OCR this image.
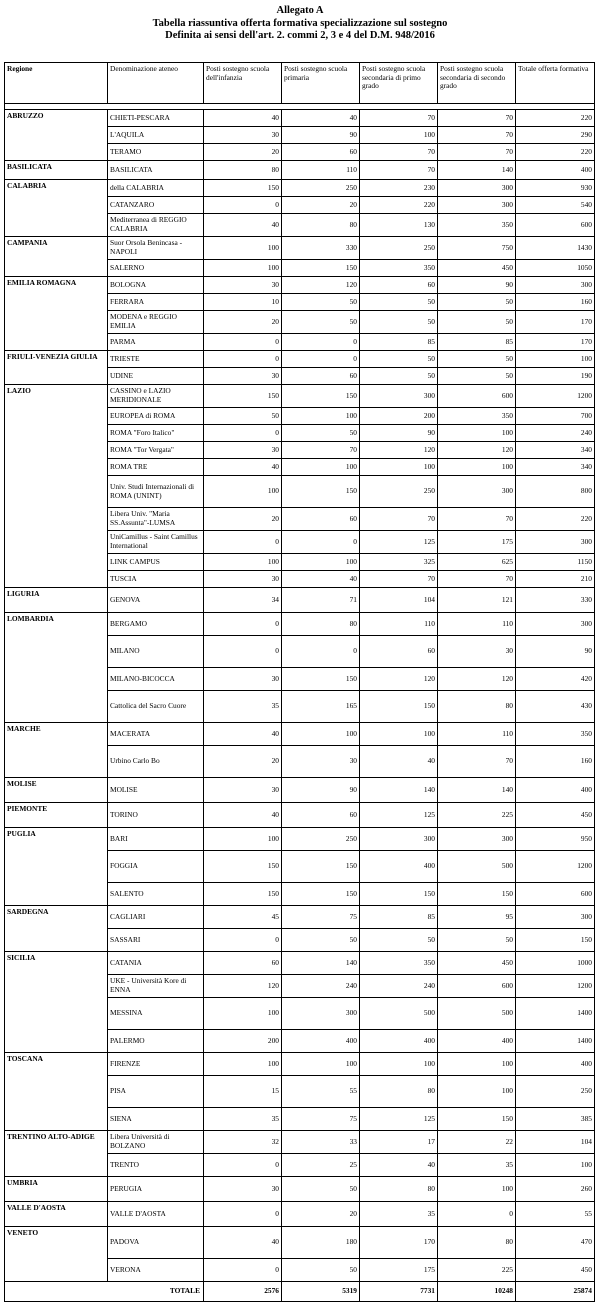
Allegato A
Tabella riassuntiva offerta formativa specializzazione sul sostegno
Definita ai sensi dell'art. 2. commi 2, 3 e 4 del D.M. 948/2016
Regione	Denominazione ateneo	Posti sostegno scuola dell'infanzia	Posti sostegno scuola primaria	Posti sostegno scuola secondaria di primo grado	Posti sostegno scuola secondaria di secondo grado	Totale offerta formativa

ABRUZZO	CHIETI-PESCARA	40	40	70	70	220
	L'AQUILA	30	90	100	70	290
	TERAMO	20	60	70	70	220
BASILICATA	BASILICATA	80	110	70	140	400
CALABRIA	della CALABRIA	150	250	230	300	930
	CATANZARO	0	20	220	300	540
	Mediterranea di REGGIO CALABRIA	40	80	130	350	600
CAMPANIA	Suor Orsola Benincasa - NAPOLI	100	330	250	750	1430
	SALERNO	100	150	350	450	1050
EMILIA ROMAGNA	BOLOGNA	30	120	60	90	300
	FERRARA	10	50	50	50	160
	MODENA e REGGIO EMILIA	20	50	50	50	170
	PARMA	0	0	85	85	170
FRIULI-VENEZIA GIULIA	TRIESTE	0	0	50	50	100
	UDINE	30	60	50	50	190
LAZIO	CASSINO e LAZIO MERIDIONALE	150	150	300	600	1200
	EUROPEA di ROMA	50	100	200	350	700
	ROMA "Foro Italico"	0	50	90	100	240
	ROMA "Tor Vergata"	30	70	120	120	340
	ROMA TRE	40	100	100	100	340
	Univ. Studi Internazionali di ROMA (UNINT)	100	150	250	300	800
	Libera Univ. "Maria SS.Assunta"-LUMSA	20	60	70	70	220
	UniCamillus - Saint Camillus International	0	0	125	175	300
	LINK CAMPUS	100	100	325	625	1150
	TUSCIA	30	40	70	70	210
LIGURIA	GENOVA	34	71	104	121	330
LOMBARDIA	BERGAMO	0	80	110	110	300
	MILANO	0	0	60	30	90
	MILANO-BICOCCA	30	150	120	120	420
	Cattolica del Sacro Cuore	35	165	150	80	430
MARCHE	MACERATA	40	100	100	110	350
	Urbino Carlo Bo	20	30	40	70	160
MOLISE	MOLISE	30	90	140	140	400
PIEMONTE	TORINO	40	60	125	225	450
PUGLIA	BARI	100	250	300	300	950
	FOGGIA	150	150	400	500	1200
	SALENTO	150	150	150	150	600
SARDEGNA	CAGLIARI	45	75	85	95	300
	SASSARI	0	50	50	50	150
SICILIA	CATANIA	60	140	350	450	1000
	UKE - Università Kore di ENNA	120	240	240	600	1200
	MESSINA	100	300	500	500	1400
	PALERMO	200	400	400	400	1400
TOSCANA	FIRENZE	100	100	100	100	400
	PISA	15	55	80	100	250
	SIENA	35	75	125	150	385
TRENTINO ALTO-ADIGE	Libera Università di BOLZANO	32	33	17	22	104
	TRENTO	0	25	40	35	100
UMBRIA	PERUGIA	30	50	80	100	260
VALLE D'AOSTA	VALLE D'AOSTA	0	20	35	0	55
VENETO	PADOVA	40	180	170	80	470
	VERONA	0	50	175	225	450
TOTALE		2576	5319	7731	10248	25874
